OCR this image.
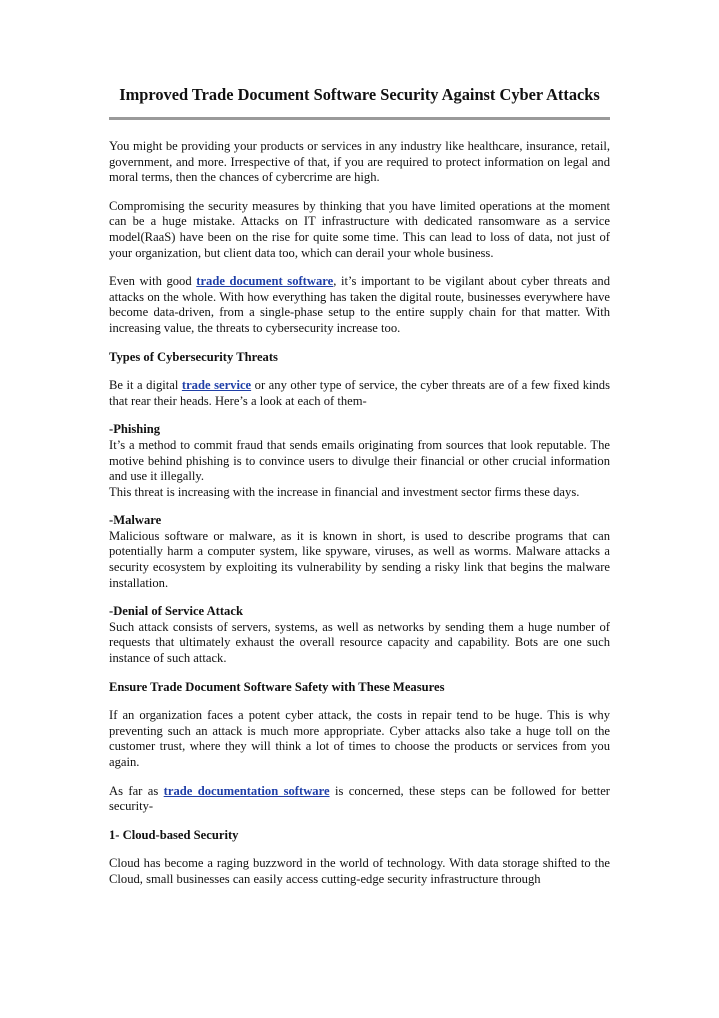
Improved Trade Document Software Security Against Cyber Attacks

You might be providing your products or services in any industry like healthcare, insurance, retail, government, and more. Irrespective of that, if you are required to protect information on legal and moral terms, then the chances of cybercrime are high.

Compromising the security measures by thinking that you have limited operations at the moment can be a huge mistake. Attacks on IT infrastructure with dedicated ransomware as a service model(RaaS) have been on the rise for quite some time. This can lead to loss of data, not just of your organization, but client data too, which can derail your whole business.

Even with good trade document software, it’s important to be vigilant about cyber threats and attacks on the whole. With how everything has taken the digital route, businesses everywhere have become data-driven, from a single-phase setup to the entire supply chain for that matter. With increasing value, the threats to cybersecurity increase too.

Types of Cybersecurity Threats

Be it a digital trade service or any other type of service, the cyber threats are of a few fixed kinds that rear their heads. Here’s a look at each of them-

-Phishing

It’s a method to commit fraud that sends emails originating from sources that look reputable. The motive behind phishing is to convince users to divulge their financial or other crucial information and use it illegally.

This threat is increasing with the increase in financial and investment sector firms these days.

-Malware

Malicious software or malware, as it is known in short, is used to describe programs that can potentially harm a computer system, like spyware, viruses, as well as worms. Malware attacks a security ecosystem by exploiting its vulnerability by sending a risky link that begins the malware installation.

-Denial of Service Attack

Such attack consists of servers, systems, as well as networks by sending them a huge number of requests that ultimately exhaust the overall resource capacity and capability. Bots are one such instance of such attack.

Ensure Trade Document Software Safety with These Measures

If an organization faces a potent cyber attack, the costs in repair tend to be huge. This is why preventing such an attack is much more appropriate. Cyber attacks also take a huge toll on the customer trust, where they will think a lot of times to choose the products or services from you again.

As far as trade documentation software is concerned, these steps can be followed for better security-

1- Cloud-based Security

Cloud has become a raging buzzword in the world of technology. With data storage shifted to the Cloud, small businesses can easily access cutting-edge security infrastructure through
